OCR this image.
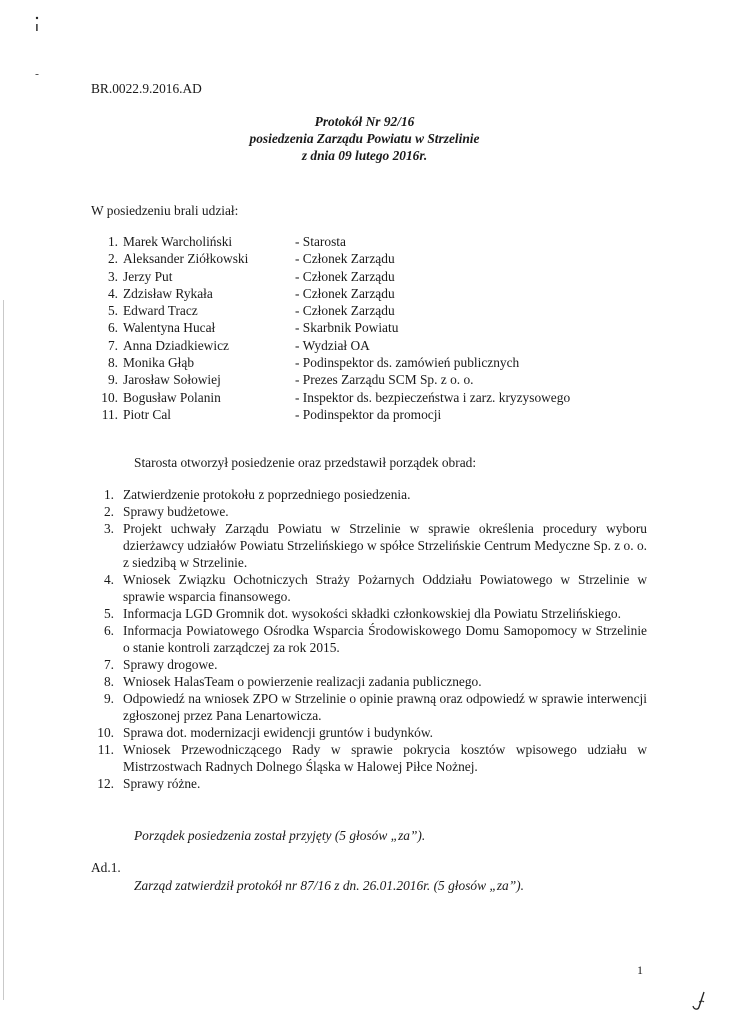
BR.0022.9.2016.AD
Protokół Nr 92/16
posiedzenia Zarządu Powiatu w Strzelinie
z dnia 09 lutego 2016r.
W posiedzeniu brali udział:
1. Marek Warcholiński	- Starosta
2. Aleksander Ziółkowski	- Członek Zarządu
3. Jerzy Put	- Członek Zarządu
4. Zdzisław Rykała	- Członek Zarządu
5. Edward Tracz	- Członek Zarządu
6. Walentyna Hucał	- Skarbnik Powiatu
7. Anna Dziadkiewicz	- Wydział OA
8. Monika Głąb	- Podinspektor ds. zamówień publicznych
9. Jarosław Sołowiej	- Prezes Zarządu SCM Sp. z o. o.
10. Bogusław Polanin	- Inspektor ds. bezpieczeństwa i zarz. kryzysowego
11. Piotr Cal	- Podinspektor da promocji
Starosta otworzył posiedzenie oraz przedstawił porządek obrad:
1. Zatwierdzenie protokołu z poprzedniego posiedzenia.
2. Sprawy budżetowe.
3. Projekt uchwały Zarządu Powiatu w Strzelinie w sprawie określenia procedury wyboru dzierżawcy udziałów Powiatu Strzelińskiego w spółce Strzelińskie Centrum Medyczne Sp. z o. o. z siedzibą w Strzelinie.
4. Wniosek Związku Ochotniczych Straży Pożarnych Oddziału Powiatowego w Strzelinie w sprawie wsparcia finansowego.
5. Informacja LGD Gromnik dot. wysokości składki członkowskiej dla Powiatu Strzelińskiego.
6. Informacja Powiatowego Ośrodka Wsparcia Środowiskowego Domu Samopomocy w Strzelinie o stanie kontroli zarządczej za rok 2015.
7. Sprawy drogowe.
8. Wniosek HalasTeam o powierzenie realizacji zadania publicznego.
9. Odpowiedź na wniosek ZPO w Strzelinie o opinie prawną oraz odpowiedź w sprawie interwencji zgłoszonej przez Pana Lenartowicza.
10. Sprawa dot. modernizacji ewidencji gruntów i budynków.
11. Wniosek Przewodniczącego Rady w sprawie pokrycia kosztów wpisowego udziału w Mistrzostwach Radnych Dolnego Śląska w Halowej Piłce Nożnej.
12. Sprawy różne.
Porządek posiedzenia został przyjęty (5 głosów „za”).
Ad.1.
Zarząd zatwierdził protokół nr 87/16 z dn. 26.01.2016r. (5 głosów „za”).
1
